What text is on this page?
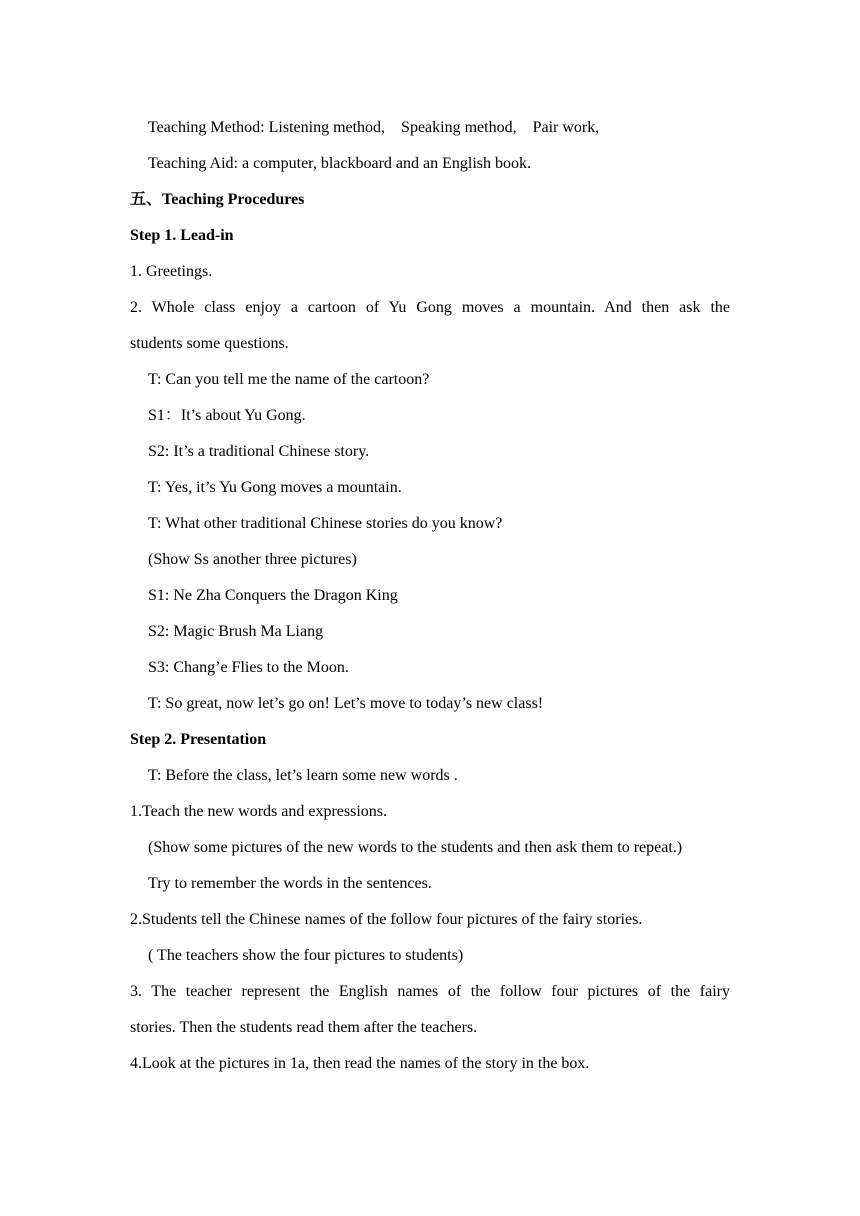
Teaching Method: Listening method,    Speaking method,    Pair work,
Teaching Aid: a computer, blackboard and an English book.
五、Teaching Procedures
Step 1. Lead-in
1. Greetings.
2. Whole class enjoy a cartoon of Yu Gong moves a mountain. And then ask the
students some questions.
T: Can you tell me the name of the cartoon?
S1：It’s about Yu Gong.
S2: It’s a traditional Chinese story.
T: Yes, it’s Yu Gong moves a mountain.
T: What other traditional Chinese stories do you know?
(Show Ss another three pictures)
S1: Ne Zha Conquers the Dragon King
S2: Magic Brush Ma Liang
S3: Chang’e Flies to the Moon.
T: So great, now let’s go on! Let’s move to today’s new class!
Step 2. Presentation
T: Before the class, let’s learn some new words .
1.Teach the new words and expressions.
(Show some pictures of the new words to the students and then ask them to repeat.)
Try to remember the words in the sentences.
2.Students tell the Chinese names of the follow four pictures of the fairy stories.
( The teachers show the four pictures to students)
3. The teacher represent the English names of the follow four pictures of the fairy
stories. Then the students read them after the teachers.
4.Look at the pictures in 1a, then read the names of the story in the box.
